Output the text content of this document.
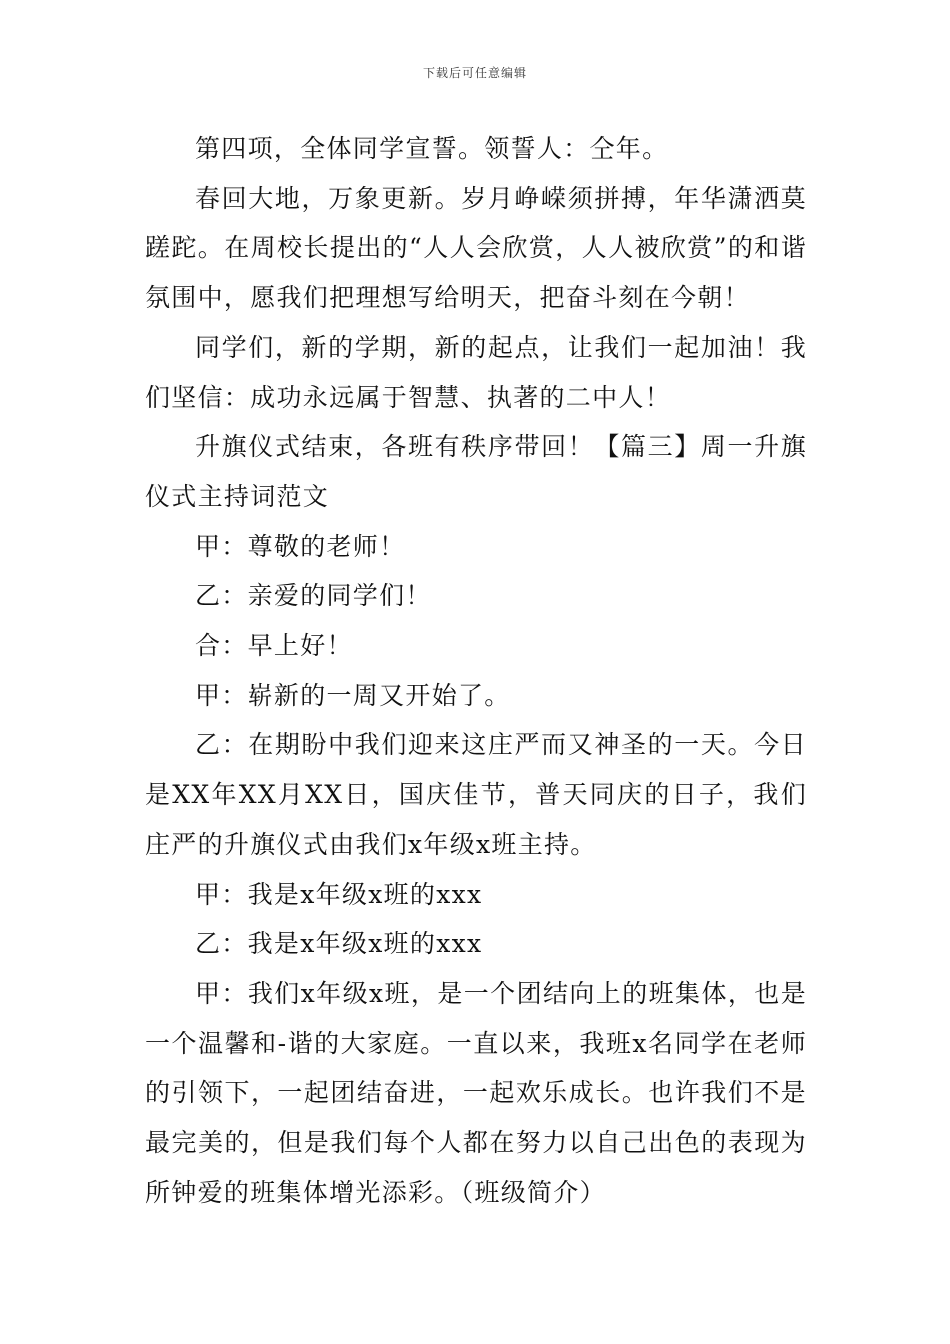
下载后可任意编辑

第四项，全体同学宣誓。领誓人：仝年。

春回大地，万象更新。岁月峥嵘须拼搏，年华潇洒莫蹉跎。在周校长提出的“人人会欣赏，人人被欣赏”的和谐氛围中，愿我们把理想写给明天，把奋斗刻在今朝！

同学们，新的学期，新的起点，让我们一起加油！我们坚信：成功永远属于智慧、执著的二中人！

升旗仪式结束，各班有秩序带回！【篇三】周一升旗仪式主持词范文

甲：尊敬的老师！

乙：亲爱的同学们！

合：早上好！

甲：崭新的一周又开始了。

乙：在期盼中我们迎来这庄严而又神圣的一天。今日是XX年XX月XX日，国庆佳节，普天同庆的日子，我们庄严的升旗仪式由我们x年级x班主持。

甲：我是x年级x班的xxx

乙：我是x年级x班的xxx

甲：我们x年级x班，是一个团结向上的班集体，也是一个温馨和-谐的大家庭。一直以来，我班x名同学在老师的引领下，一起团结奋进，一起欢乐成长。也许我们不是最完美的，但是我们每个人都在努力以自己出色的表现为所钟爱的班集体增光添彩。（班级简介）
